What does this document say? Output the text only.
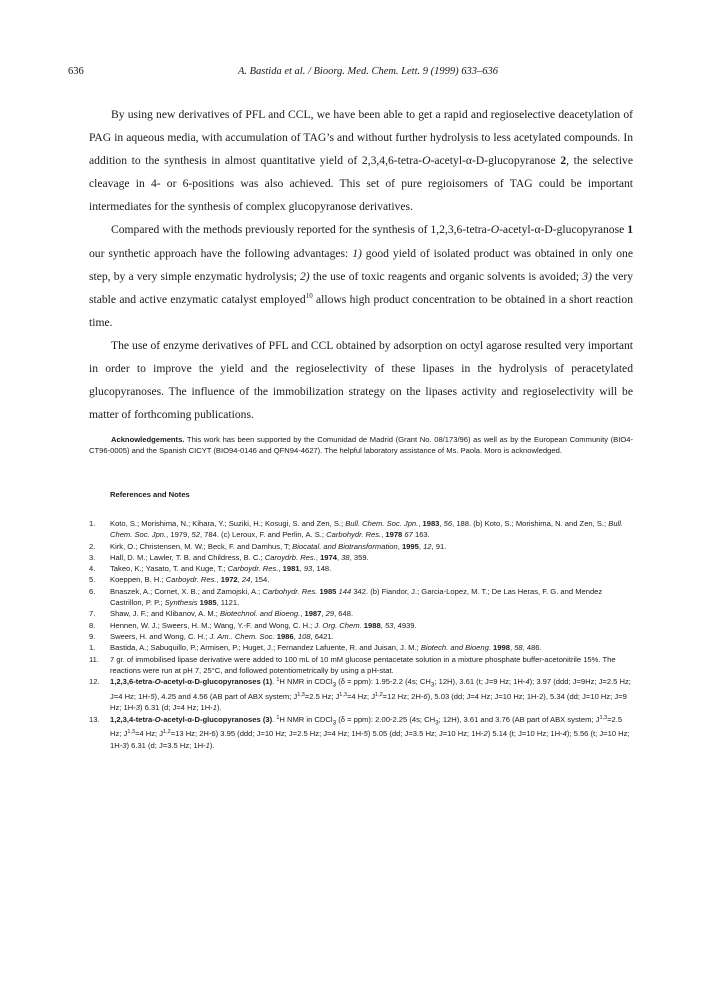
636	A. Bastida et al. / Bioorg. Med. Chem. Lett. 9 (1999) 633–636

By using new derivatives of PFL and CCL, we have been able to get a rapid and regioselective deacetylation of PAG in aqueous media, with accumulation of TAG’s and without further hydrolysis to less acetylated compounds. In addition to the synthesis in almost quantitative yield of 2,3,4,6-tetra-O-acetyl-α-D-glucopyranose 2, the selective cleavage in 4- or 6-positions was also achieved. This set of pure regioisomers of TAG could be important intermediates for the synthesis of complex glucopyranose derivatives.

Compared with the methods previously reported for the synthesis of 1,2,3,6-tetra-O-acetyl-α-D-glucopyranose 1 our synthetic approach have the following advantages: 1) good yield of isolated product was obtained in only one step, by a very simple enzymatic hydrolysis; 2) the use of toxic reagents and organic solvents is avoided; 3) the very stable and active enzymatic catalyst employed$^{10}$ allows high product concentration to be obtained in a short reaction time.

The use of enzyme derivatives of PFL and CCL obtained by adsorption on octyl agarose resulted very important in order to improve the yield and the regioselectivity of these lipases in the hydrolysis of peracetylated glucopyranoses. The influence of the immobilization strategy on the lipases activity and regioselectivity will be matter of forthcoming publications.

Acknowledgements. This work has been supported by the Comunidad de Madrid (Grant No. 08/173/96) as well as by the European Community (BIO4-CT96-0005) and the Spanish CICYT (BIO94-0146 and QFN94-4627). The helpful laboratory assistance of Ms. Paola. Moro is acknowledged.

References and Notes
1.	Koto, S.; Morishima, N.; Kihara, Y.; Suziki, H.; Kosugi, S. and Zen, S.; Bull. Chem. Soc. Jpn., 1983, 56, 188. (b) Koto, S.; Morishima, N. and Zen, S.; Bull. Chem. Soc. Jpn., 1979, 52, 784. (c) Leroux, F. and Perlin, A. S.; Carbohydr. Res., 1978 67 163.
2.	Kirk, O.; Christensen, M. W.; Beck, F. and Damhus, T; Biocatal. and Biotransformation, 1995, 12, 91.
3.	Hall, D. M.; Lawler, T. B. and Childress, B. C.; Caroydrb. Res., 1974, 38, 359.
4.	Takeo, K.; Yasato, T. and Kuge, T.; Carboydr. Res., 1981, 93, 148.
5.	Koeppen, B. H.; Carboydr. Res., 1972, 24, 154.
6.	Bnaszek, A.; Cornet, X. B.; and Zamojski, A.; Carbohydr. Res. 1985 144 342. (b) Fiandor, J.; Garcia-Lopez, M. T.; De Las Heras, F. G. and Mendez Castrillon, P. P.; Synthesis 1985, 1121.
7.	Shaw, J. F.; and Klibanov, A. M.; Biotechnol. and Bioeng., 1987, 29, 648.
8.	Hennen, W. J.; Sweers, H. M.; Wang, Y.-F. and Wong, C. H.; J. Org. Chem. 1988, 53, 4939.
9.	Sweers, H. and Wong, C. H.; J. Am.. Chem. Soc. 1986, 108, 6421.
1.	Bastida, A.; Sabuquillo, P.; Armisen, P.; Huget, J.; Fernandez Lafuente, R. and Juisan, J. M.; Biotech. and Bioeng. 1998, 58, 486.
11.	7 gr. of immobilised lipase derivative were added to 100 mL of 10 mM glucose pentacetate solution in a mixture phosphate buffer-acetonitrile 15%. The reactions were run at pH 7, 25°C, and followed potentiometrically by using a pH-stat.
12.	1,2,3,6-tetra-O-acetyl-α-D-glucopyranoses (1). $^1$H NMR in CDCl$_3$ (δ = ppm): 1.95-2.2 (4s; $CH_3$; 12H), 3.61 (t; J=9 Hz; 1H-4); 3.97 (ddd; J=9Hz; J=2.5 Hz; J=4 Hz; 1H-5), 4.25 and 4.56 (AB part of ABX system; J$^{1,3}$=2.5 Hz; J$^{1,3}$=4 Hz; J$^{1,2}$=12 Hz; 2H-6), 5.03 (dd; J=4 Hz; J=10 Hz; 1H-2), 5.34 (dd; J=10 Hz; J=9 Hz; 1H-3) 6.31 (d; J=4 Hz; 1H-1).
13.	1,2,3,4-tetra-O-acetyl-α-D-glucopyranoses (3). $^1$H NMR in CDCl$_3$ (δ = ppm): 2.00-2.25 (4s; $CH_3$; 12H), 3.61 and 3.76 (AB part of ABX system; J$^{1,3}$=2.5 Hz; J$^{1,3}$=4 Hz; J$^{1,2}$=13 Hz; 2H-6) 3.95 (ddd; J=10 Hz; J=2.5 Hz; J=4 Hz; 1H-5) 5.05 (dd; J=3.5 Hz; J=10 Hz; 1H-2) 5.14 (t; J=10 Hz; 1H-4); 5.56 (t; J=10 Hz; 1H-3) 6.31 (d; J=3.5 Hz; 1H-1).
